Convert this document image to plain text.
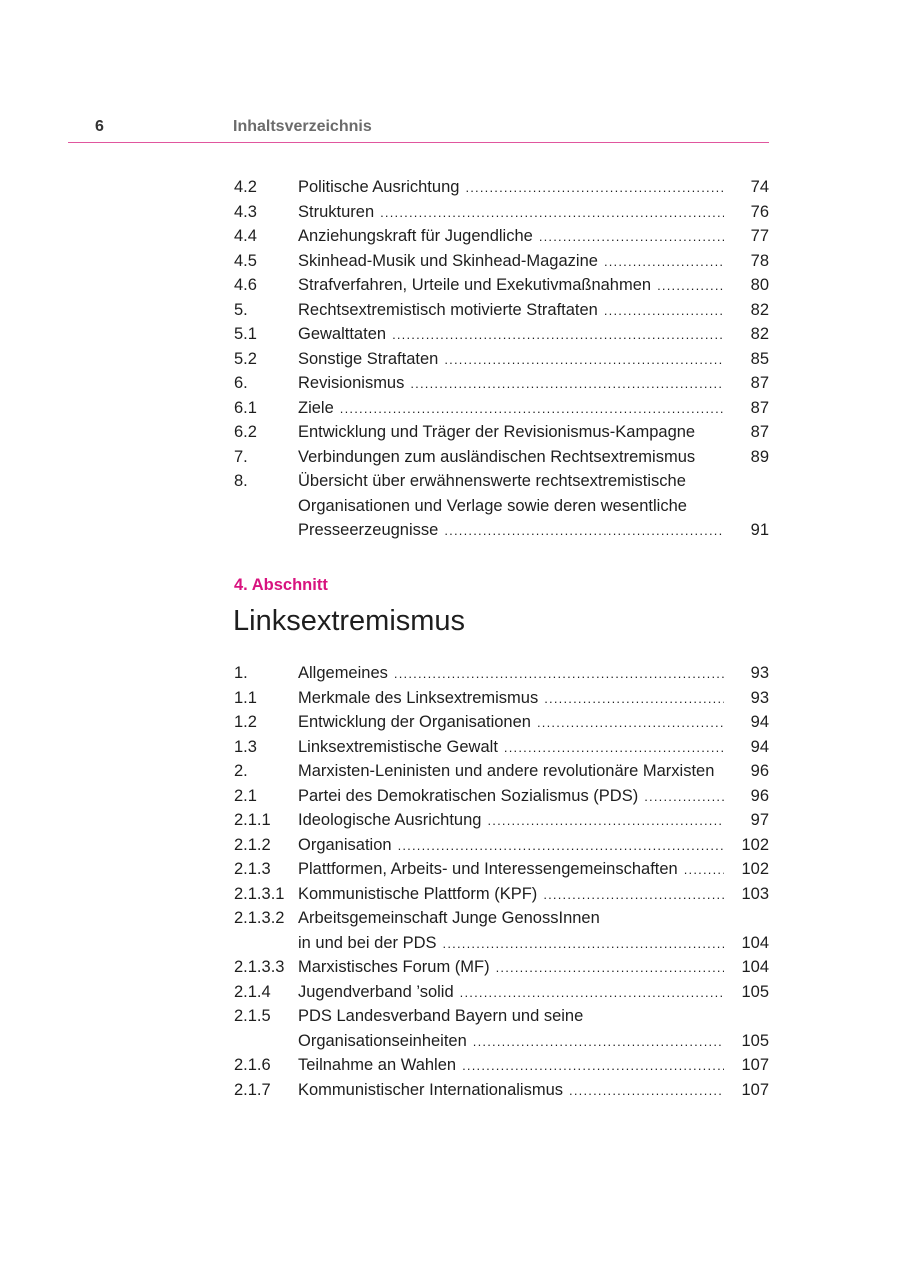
6	Inhaltsverzeichnis
4.2 Politische Ausrichtung .....	74
4.3 Strukturen .....	76
4.4 Anziehungskraft für Jugendliche .....	77
4.5 Skinhead-Musik und Skinhead-Magazine .....	78
4.6 Strafverfahren, Urteile und Exekutivmaßnahmen .....	80
5.	Rechtsextremistisch motivierte Straftaten .....	82
5.1 Gewalttaten .....	82
5.2 Sonstige Straftaten .....	85
6.	Revisionismus .....	87
6.1 Ziele .....	87
6.2 Entwicklung und Träger der Revisionismus-Kampagne	87
7.	Verbindungen zum ausländischen Rechtsextremismus	89
8.	Übersicht über erwähnenswerte rechtsextremistische
Organisationen und Verlage sowie deren wesentliche
Presseerzeugnisse .....	91
4. Abschnitt
Linksextremismus
1.	Allgemeines .....	93
1.1 Merkmale des Linksextremismus .....	93
1.2 Entwicklung der Organisationen .....	94
1.3 Linksextremistische Gewalt .....	94
2.	Marxisten-Leninisten und andere revolutionäre Marxisten 96
2.1 Partei des Demokratischen Sozialismus (PDS) .....	96
2.1.1 Ideologische Ausrichtung .....	97
2.1.2 Organisation .....	102
2.1.3 Plattformen, Arbeits- und Interessengemeinschaften .....	102
2.1.3.1 Kommunistische Plattform (KPF) .....	103
2.1.3.2 Arbeitsgemeinschaft Junge GenossInnen
in und bei der PDS .....	104
2.1.3.3 Marxistisches Forum (MF) .....	104
2.1.4 Jugendverband ’solid .....	105
2.1.5 PDS Landesverband Bayern und seine
Organisationseinheiten .....	105
2.1.6 Teilnahme an Wahlen .....	107
2.1.7 Kommunistischer Internationalismus .....	107
